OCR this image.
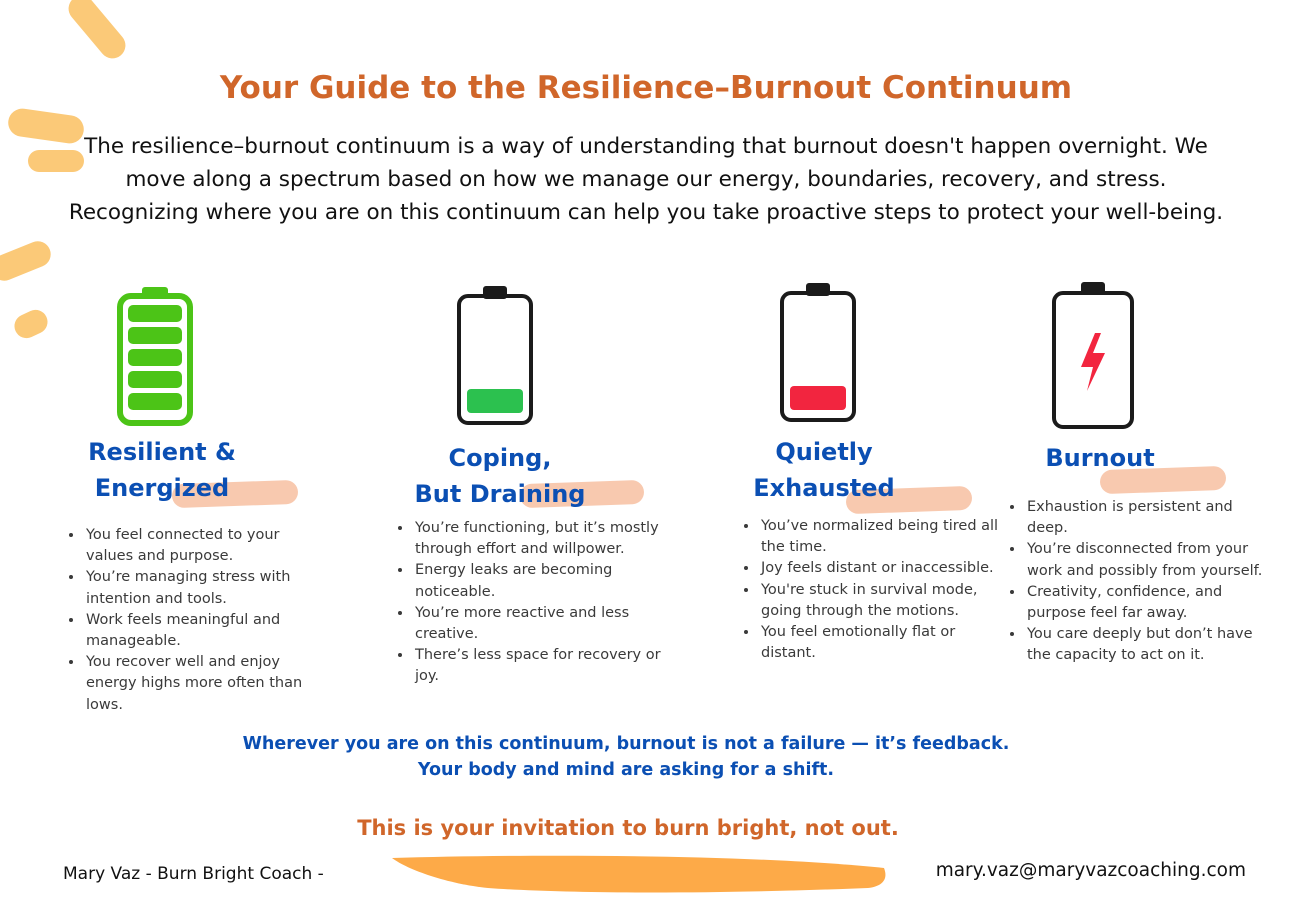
Your Guide to the Resilience–Burnout Continuum

The resilience–burnout continuum is a way of understanding that burnout doesn't happen overnight. We move along a spectrum based on how we manage our energy, boundaries, recovery, and stress. Recognizing where you are on this continuum can help you take proactive steps to protect your well-being.

Resilient &
Energized
Coping,
But Draining
Quietly
Exhausted
Burnout
• You feel connected to your values and purpose.
• You’re managing stress with intention and tools.
• Work feels meaningful and manageable.
• You recover well and enjoy energy highs more often than lows.
• You’re functioning, but it’s mostly through effort and willpower.
• Energy leaks are becoming noticeable.
• You’re more reactive and less creative.
• There’s less space for recovery or joy.
• You’ve normalized being tired all the time.
• Joy feels distant or inaccessible.
• You're stuck in survival mode, going through the motions.
• You feel emotionally flat or distant.
• Exhaustion is persistent and deep.
• You’re disconnected from your work and possibly from yourself.
• Creativity, confidence, and purpose feel far away.
• You care deeply but don’t have the capacity to act on it.
Wherever you are on this continuum, burnout is not a failure — it’s feedback.
Your body and mind are asking for a shift.

This is your invitation to burn bright, not out.

Mary Vaz - Burn Bright Coach -	mary.vaz@maryvazcoaching.com
